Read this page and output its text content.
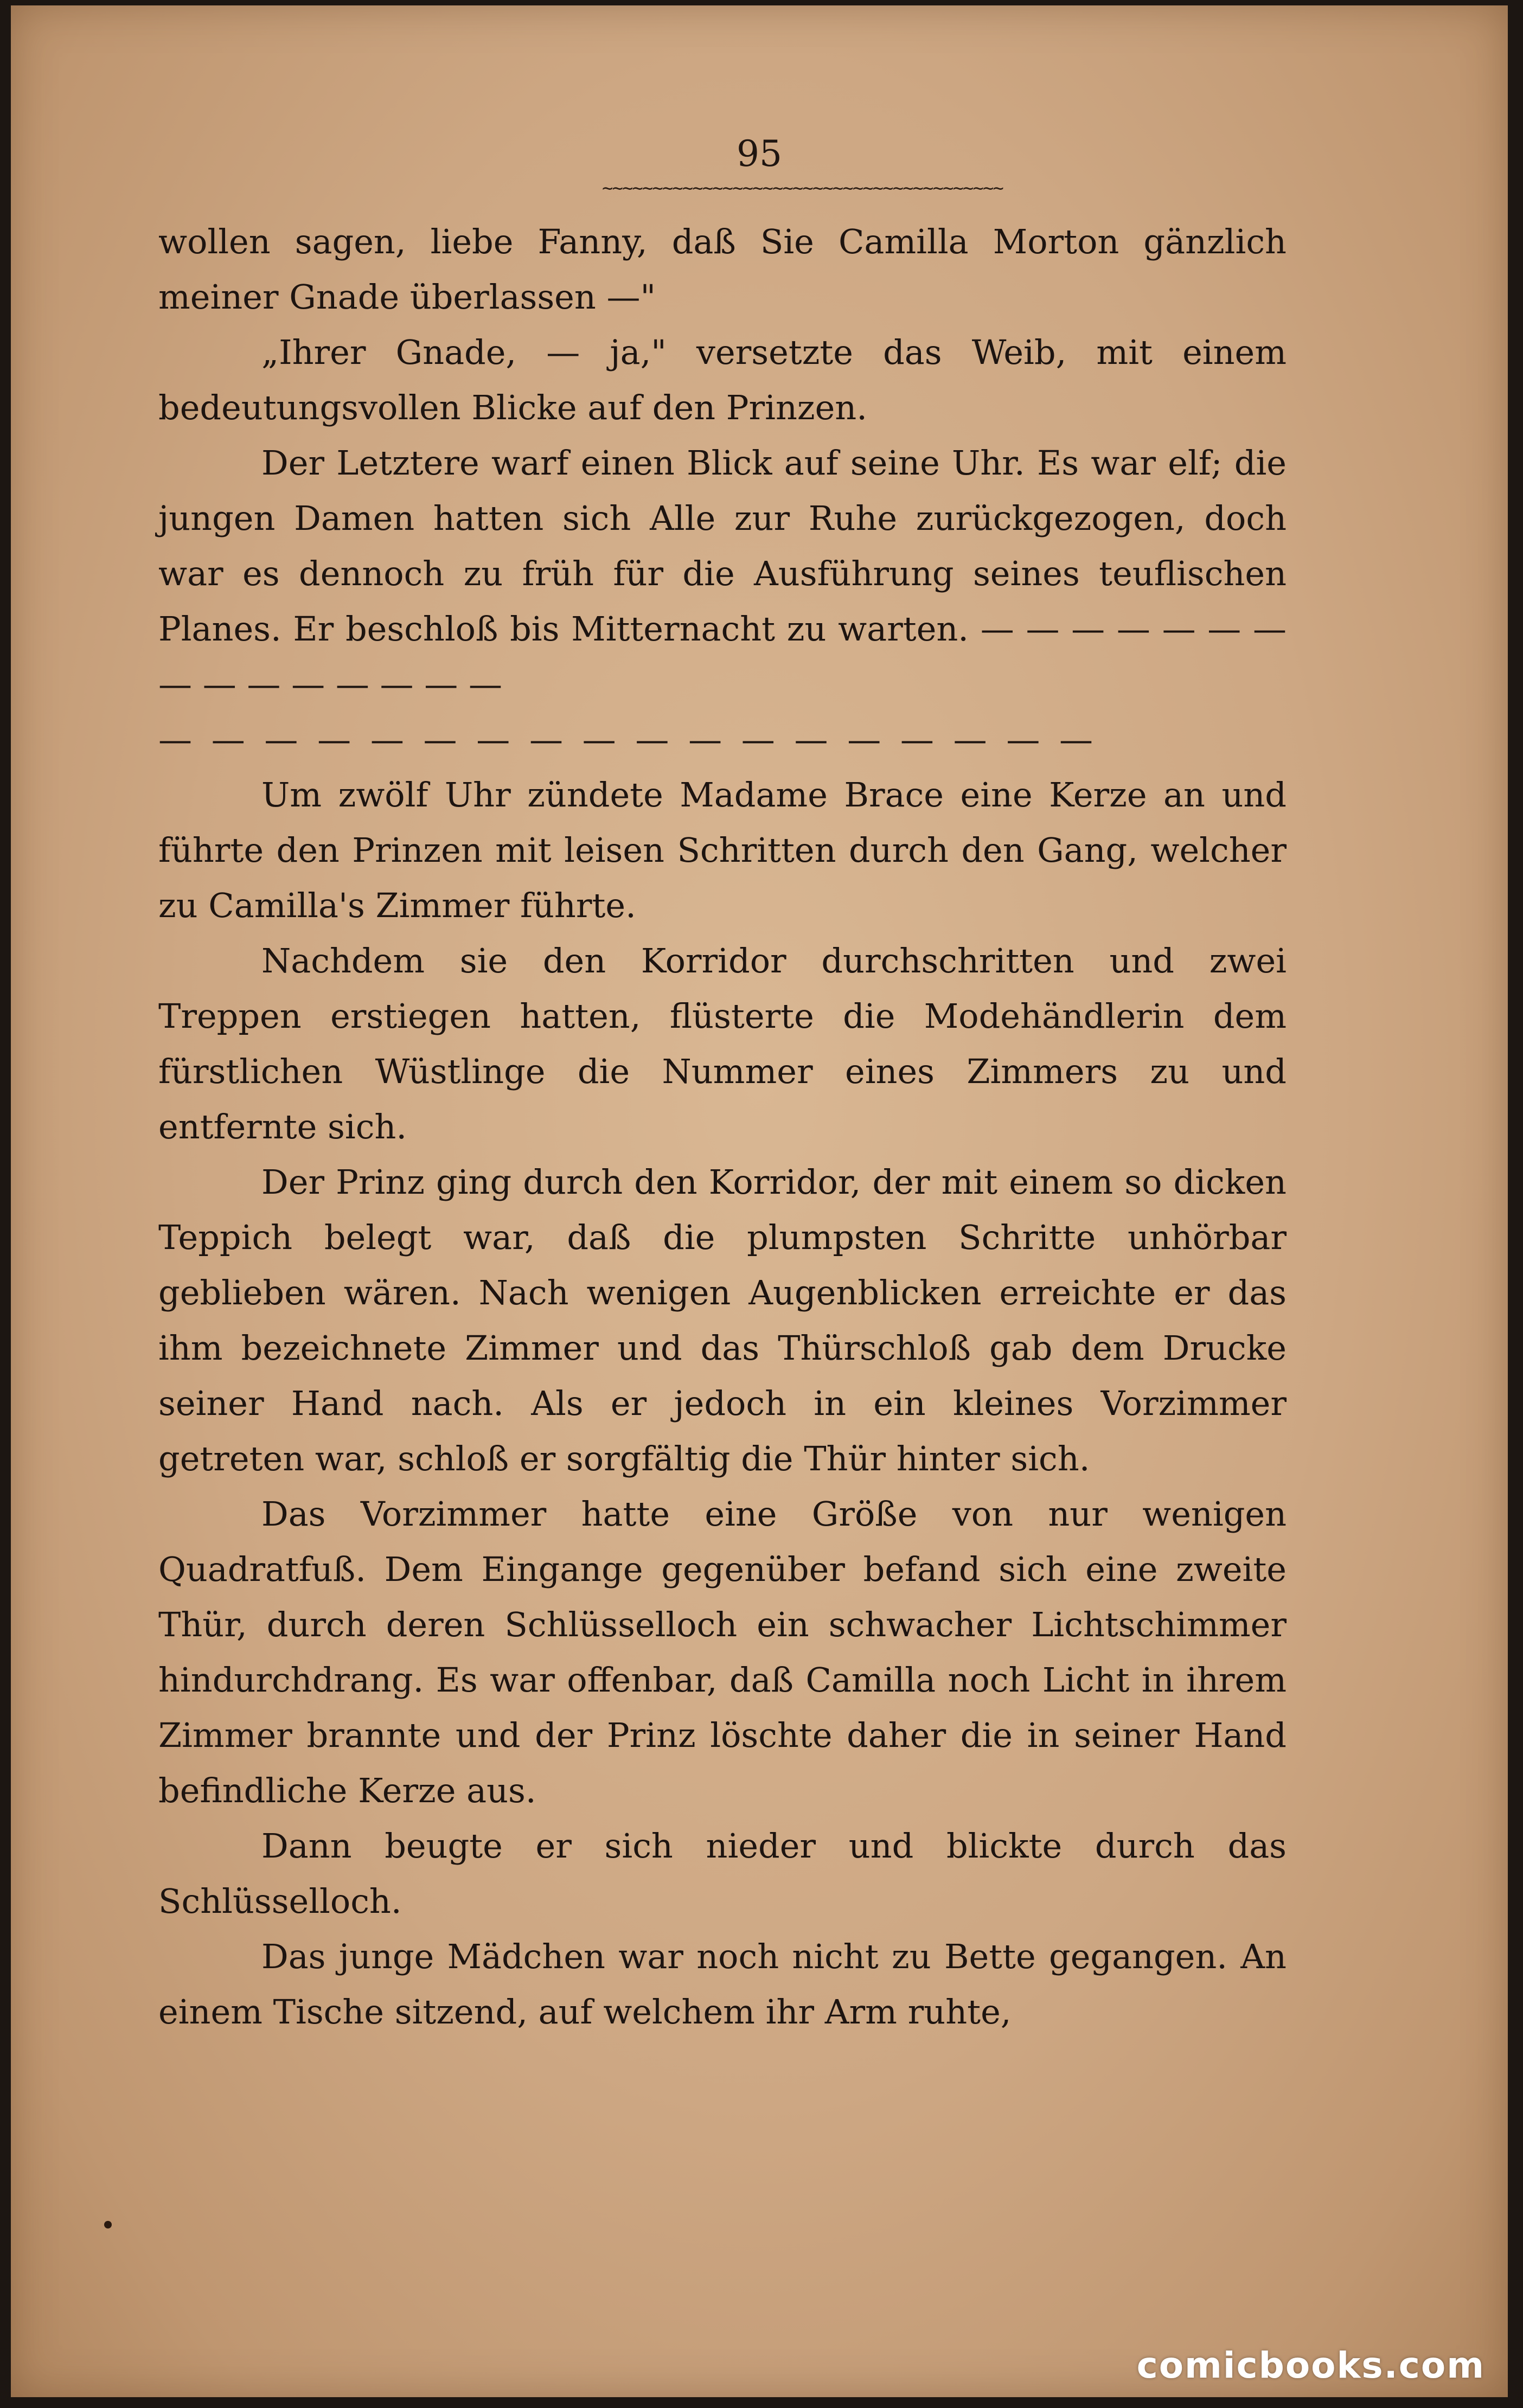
95
~~~~~~~~~~~~~~~~~~~~~~~~~~~~~~~~~~~~~~~~

wollen sagen, liebe Fanny, daß Sie Camilla Morton gänzlich meiner Gnade überlassen —"

„Ihrer Gnade, — ja," versetzte das Weib, mit einem bedeutungsvollen Blicke auf den Prinzen.

Der Letztere warf einen Blick auf seine Uhr. Es war elf; die jungen Damen hatten sich Alle zur Ruhe zurückgezogen, doch war es dennoch zu früh für die Ausführung seines teuflischen Planes. Er beschloß bis Mitternacht zu warten. — — — — — — — — — — — — — — —

— — — — — — — — — — — — — — — — — —

Um zwölf Uhr zündete Madame Brace eine Kerze an und führte den Prinzen mit leisen Schritten durch den Gang, welcher zu Camilla's Zimmer führte.

Nachdem sie den Korridor durchschritten und zwei Treppen erstiegen hatten, flüsterte die Modehändlerin dem fürstlichen Wüstlinge die Nummer eines Zimmers zu und entfernte sich.

Der Prinz ging durch den Korridor, der mit einem so dicken Teppich belegt war, daß die plumpsten Schritte unhörbar geblieben wären. Nach wenigen Augenblicken erreichte er das ihm bezeichnete Zimmer und das Thürschloß gab dem Drucke seiner Hand nach. Als er jedoch in ein kleines Vorzimmer getreten war, schloß er sorgfältig die Thür hinter sich.

Das Vorzimmer hatte eine Größe von nur wenigen Quadratfuß. Dem Eingange gegenüber befand sich eine zweite Thür, durch deren Schlüsselloch ein schwacher Lichtschimmer hindurchdrang. Es war offenbar, daß Camilla noch Licht in ihrem Zimmer brannte und der Prinz löschte daher die in seiner Hand befindliche Kerze aus.

Dann beugte er sich nieder und blickte durch das Schlüsselloch.

Das junge Mädchen war noch nicht zu Bette gegangen. An einem Tische sitzend, auf welchem ihr Arm ruhte,

comicbooks.com
